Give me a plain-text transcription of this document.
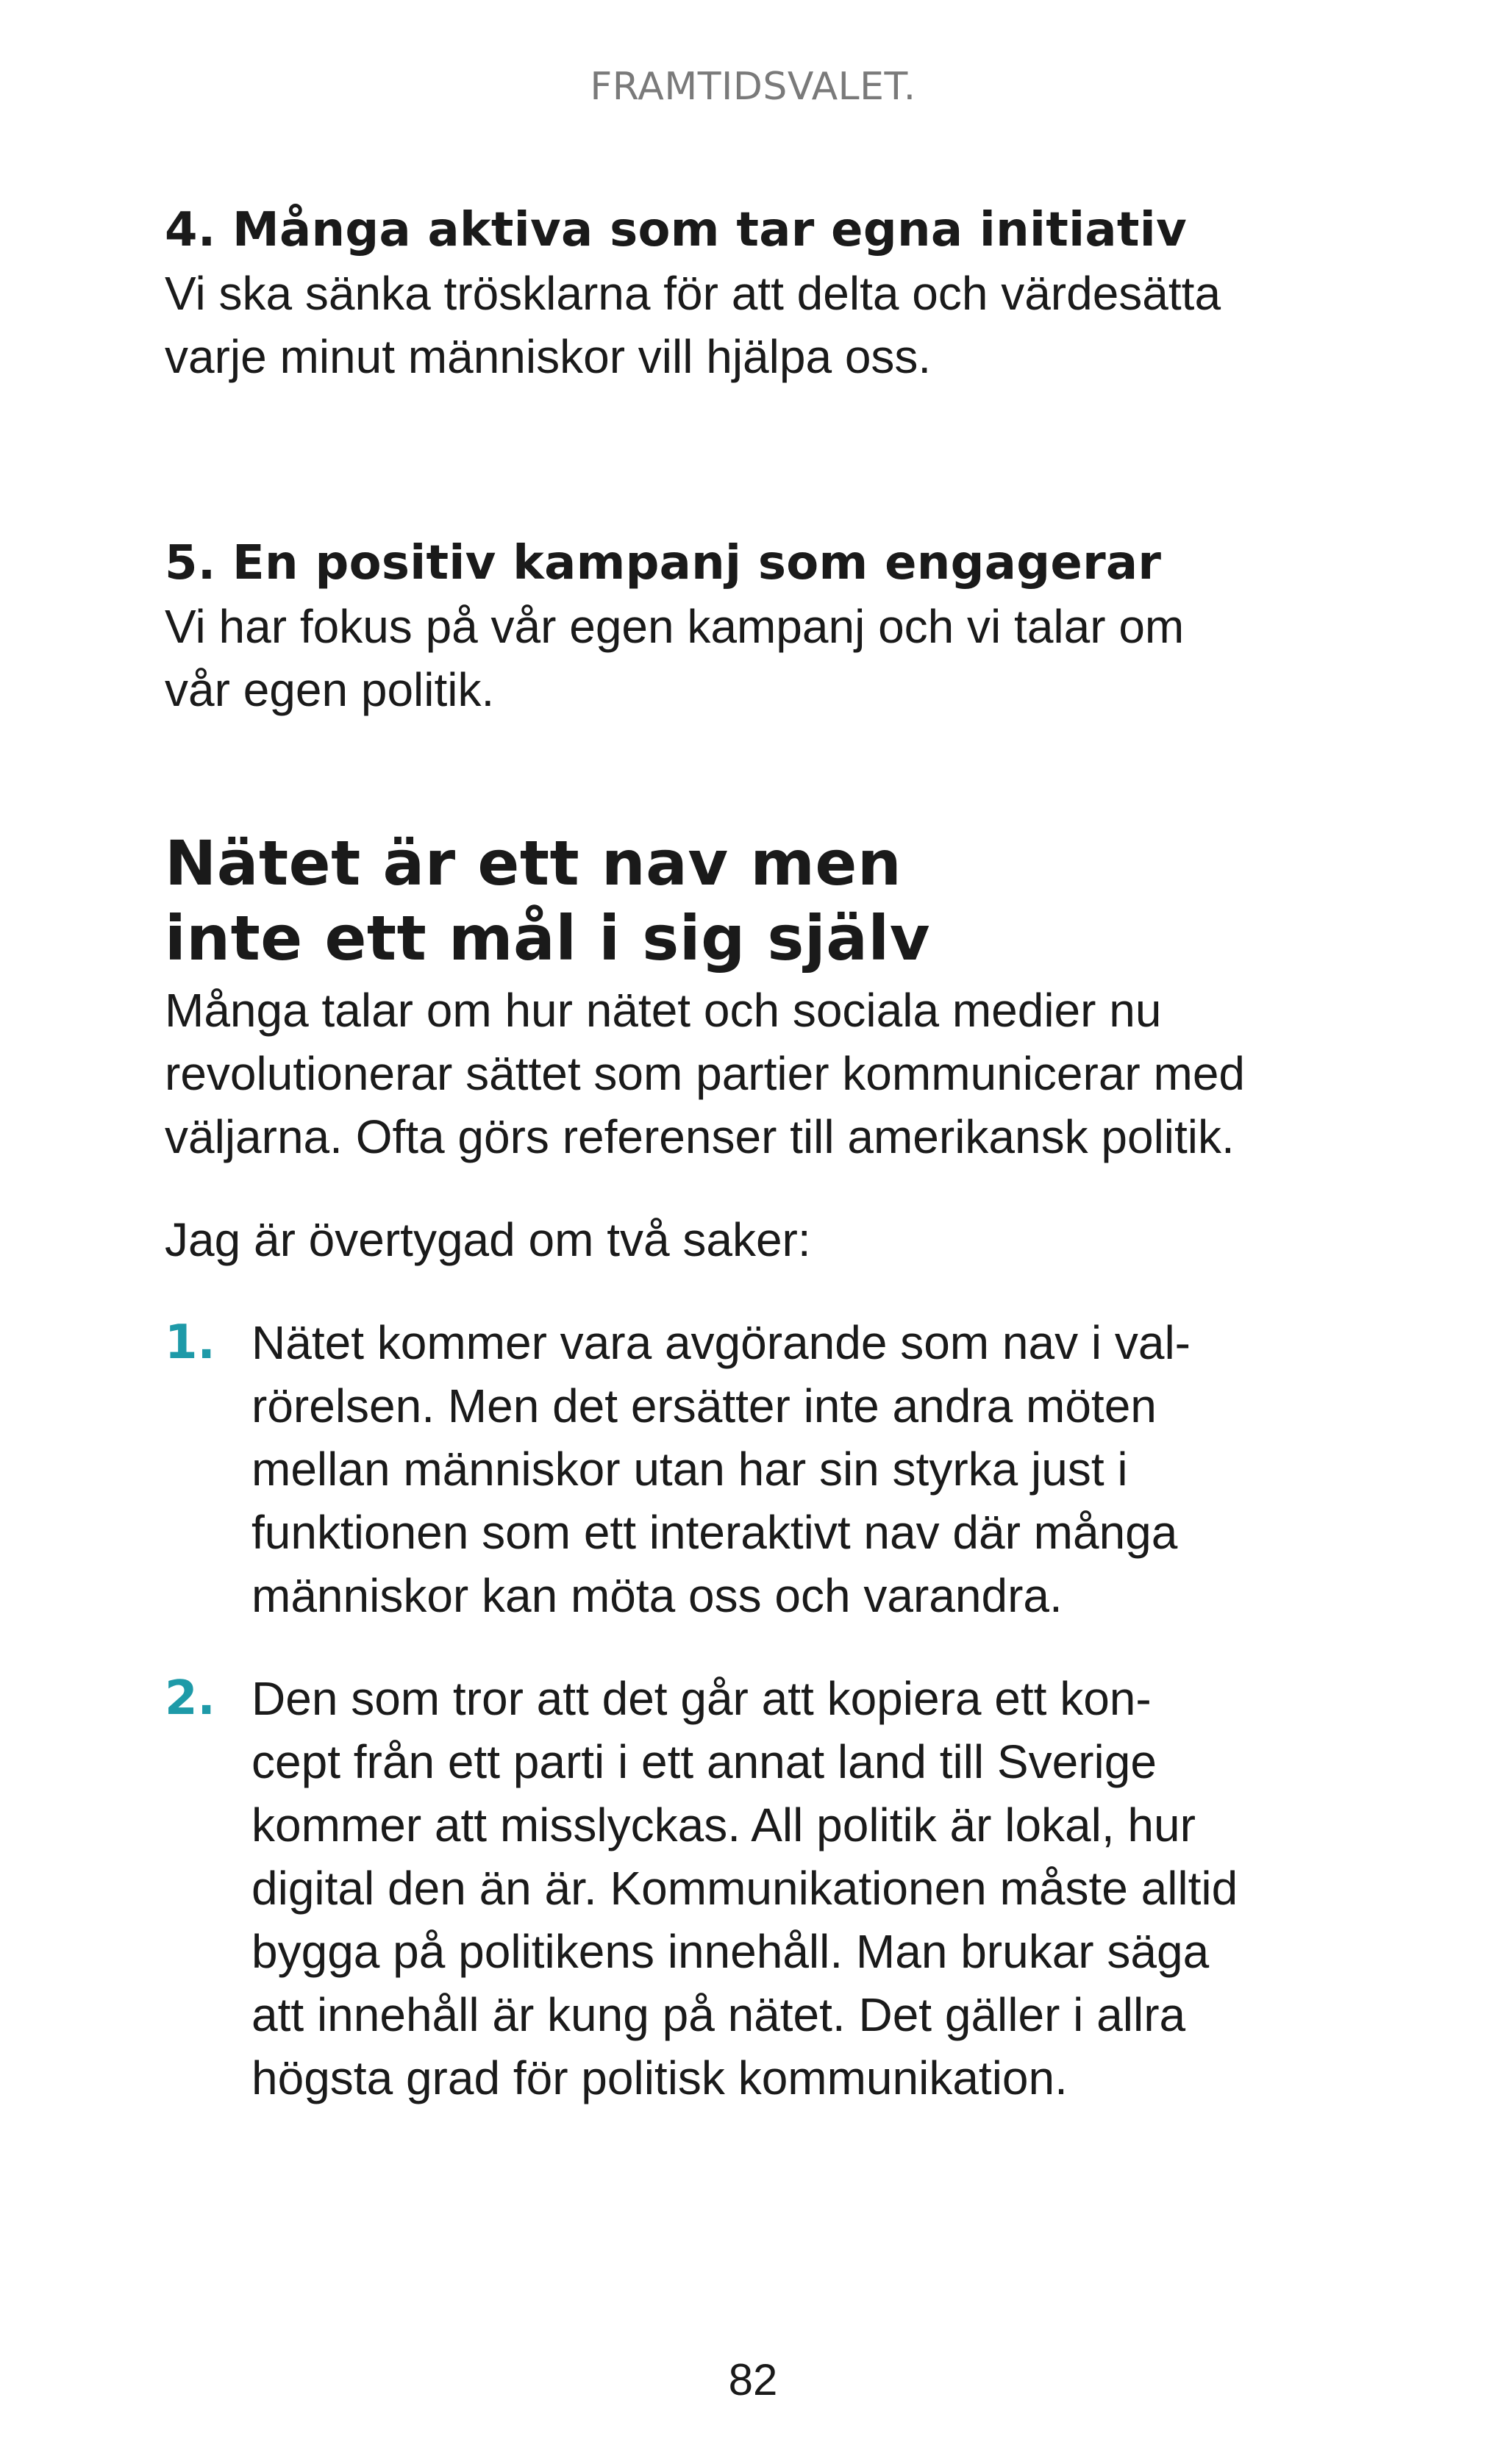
FRAMTIDSVALET.
4. Många aktiva som tar egna initiativ

Vi ska sänka trösklarna för att delta och värdesätta
varje minut människor vill hjälpa oss.

5. En positiv kampanj som engagerar

Vi har fokus på vår egen kampanj och vi talar om
vår egen politik.

Nätet är ett nav men
inte ett mål i sig själv

Många talar om hur nätet och sociala medier nu
revolutionerar sättet som partier kommunicerar med
väljarna. Ofta görs referenser till amerikansk politik.

Jag är övertygad om två saker:

1. Nätet kommer vara avgörande som nav i val-
rörelsen. Men det ersätter inte andra möten
mellan människor utan har sin styrka just i
funktionen som ett interaktivt nav där många
människor kan möta oss och varandra.
2. Den som tror att det går att kopiera ett kon-
cept från ett parti i ett annat land till Sverige
kommer att misslyckas. All politik är lokal, hur
digital den än är. Kommunikationen måste alltid
bygga på politikens innehåll. Man brukar säga
att innehåll är kung på nätet. Det gäller i allra
högsta grad för politisk kommunikation.
82
